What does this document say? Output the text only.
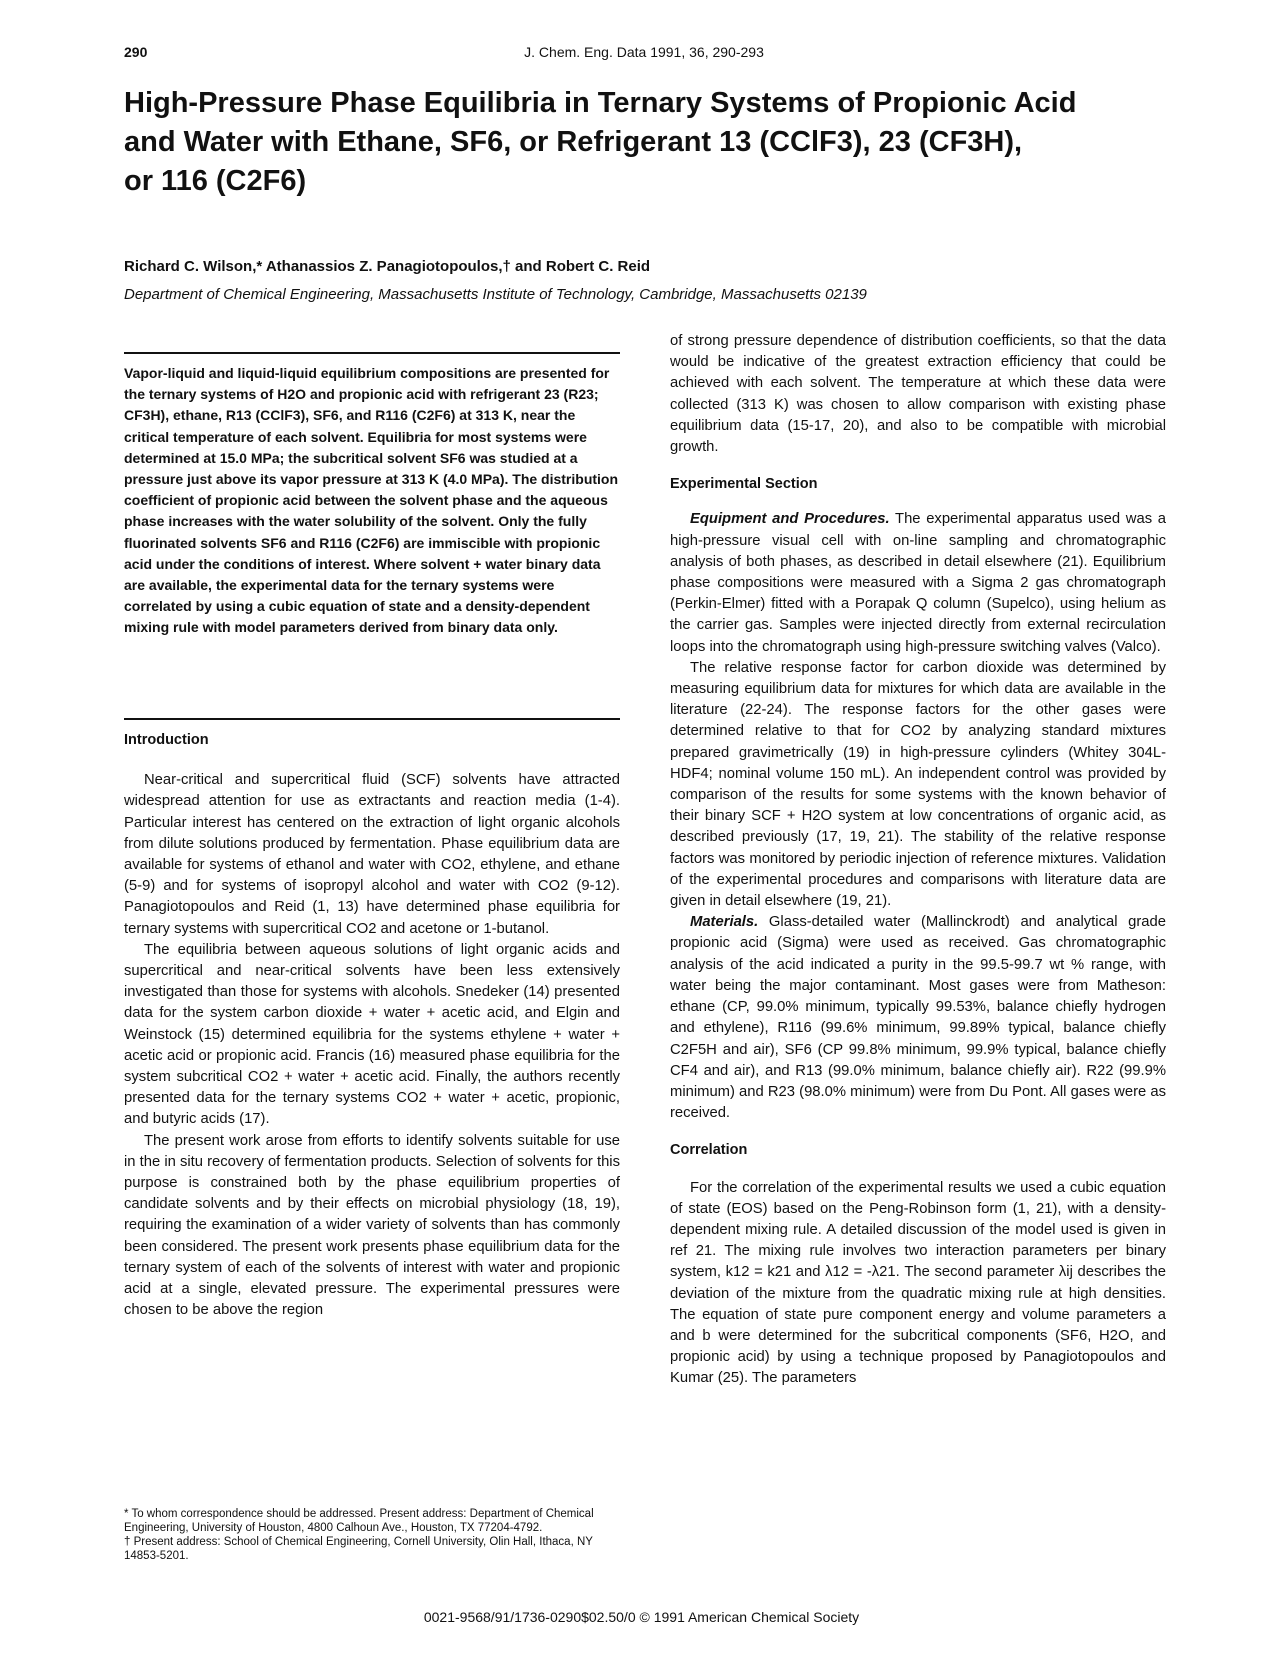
290	J. Chem. Eng. Data 1991, 36, 290-293
High-Pressure Phase Equilibria in Ternary Systems of Propionic Acid
and Water with Ethane, SF6, or Refrigerant 13 (CClF3), 23 (CF3H),
or 116 (C2F6)
Richard C. Wilson,* Athanassios Z. Panagiotopoulos,† and Robert C. Reid
Department of Chemical Engineering, Massachusetts Institute of Technology, Cambridge, Massachusetts 02139
Vapor-liquid and liquid-liquid equilibrium compositions are presented for the ternary systems of H2O and propionic acid with refrigerant 23 (R23; CF3H), ethane, R13 (CClF3), SF6, and R116 (C2F6) at 313 K, near the critical temperature of each solvent. Equilibria for most systems were determined at 15.0 MPa; the subcritical solvent SF6 was studied at a pressure just above its vapor pressure at 313 K (4.0 MPa). The distribution coefficient of propionic acid between the solvent phase and the aqueous phase increases with the water solubility of the solvent. Only the fully fluorinated solvents SF6 and R116 (C2F6) are immiscible with propionic acid under the conditions of interest. Where solvent + water binary data are available, the experimental data for the ternary systems were correlated by using a cubic equation of state and a density-dependent mixing rule with model parameters derived from binary data only.
Introduction

Near-critical and supercritical fluid (SCF) solvents have attracted widespread attention for use as extractants and reaction media (1-4). Particular interest has centered on the extraction of light organic alcohols from dilute solutions produced by fermentation. Phase equilibrium data are available for systems of ethanol and water with CO2, ethylene, and ethane (5-9) and for systems of isopropyl alcohol and water with CO2 (9-12). Panagiotopoulos and Reid (1, 13) have determined phase equilibria for ternary systems with supercritical CO2 and acetone or 1-butanol.

The equilibria between aqueous solutions of light organic acids and supercritical and near-critical solvents have been less extensively investigated than those for systems with alcohols. Snedeker (14) presented data for the system carbon dioxide + water + acetic acid, and Elgin and Weinstock (15) determined equilibria for the systems ethylene + water + acetic acid or propionic acid. Francis (16) measured phase equilibria for the system subcritical CO2 + water + acetic acid. Finally, the authors recently presented data for the ternary systems CO2 + water + acetic, propionic, and butyric acids (17).

The present work arose from efforts to identify solvents suitable for use in the in situ recovery of fermentation products. Selection of solvents for this purpose is constrained both by the phase equilibrium properties of candidate solvents and by their effects on microbial physiology (18, 19), requiring the examination of a wider variety of solvents than has commonly been considered. The present work presents phase equilibrium data for the ternary system of each of the solvents of interest with water and propionic acid at a single, elevated pressure. The experimental pressures were chosen to be above the region

of strong pressure dependence of distribution coefficients, so that the data would be indicative of the greatest extraction efficiency that could be achieved with each solvent. The temperature at which these data were collected (313 K) was chosen to allow comparison with existing phase equilibrium data (15-17, 20), and also to be compatible with microbial growth.

Experimental Section

Equipment and Procedures. The experimental apparatus used was a high-pressure visual cell with on-line sampling and chromatographic analysis of both phases, as described in detail elsewhere (21). Equilibrium phase compositions were measured with a Sigma 2 gas chromatograph (Perkin-Elmer) fitted with a Porapak Q column (Supelco), using helium as the carrier gas. Samples were injected directly from external recirculation loops into the chromatograph using high-pressure switching valves (Valco).

The relative response factor for carbon dioxide was determined by measuring equilibrium data for mixtures for which data are available in the literature (22-24). The response factors for the other gases were determined relative to that for CO2 by analyzing standard mixtures prepared gravimetrically (19) in high-pressure cylinders (Whitey 304L-HDF4; nominal volume 150 mL). An independent control was provided by comparison of the results for some systems with the known behavior of their binary SCF + H2O system at low concentrations of organic acid, as described previously (17, 19, 21). The stability of the relative response factors was monitored by periodic injection of reference mixtures. Validation of the experimental procedures and comparisons with literature data are given in detail elsewhere (19, 21).

Materials. Glass-detailed water (Mallinckrodt) and analytical grade propionic acid (Sigma) were used as received. Gas chromatographic analysis of the acid indicated a purity in the 99.5-99.7 wt % range, with water being the major contaminant. Most gases were from Matheson: ethane (CP, 99.0% minimum, typically 99.53%, balance chiefly hydrogen and ethylene), R116 (99.6% minimum, 99.89% typical, balance chiefly C2F5H and air), SF6 (CP 99.8% minimum, 99.9% typical, balance chiefly CF4 and air), and R13 (99.0% minimum, balance chiefly air). R22 (99.9% minimum) and R23 (98.0% minimum) were from Du Pont. All gases were as received.

Correlation

For the correlation of the experimental results we used a cubic equation of state (EOS) based on the Peng-Robinson form (1, 21), with a density-dependent mixing rule. A detailed discussion of the model used is given in ref 21. The mixing rule involves two interaction parameters per binary system, k12 = k21 and λ12 = -λ21. The second parameter λij describes the deviation of the mixture from the quadratic mixing rule at high densities. The equation of state pure component energy and volume parameters a and b were determined for the subcritical components (SF6, H2O, and propionic acid) by using a technique proposed by Panagiotopoulos and Kumar (25). The parameters

* To whom correspondence should be addressed. Present address: Department of Chemical Engineering, University of Houston, 4800 Calhoun Ave., Houston, TX 77204-4792.

† Present address: School of Chemical Engineering, Cornell University, Olin Hall, Ithaca, NY 14853-5201.

0021-9568/91/1736-0290$02.50/0 © 1991 American Chemical Society
